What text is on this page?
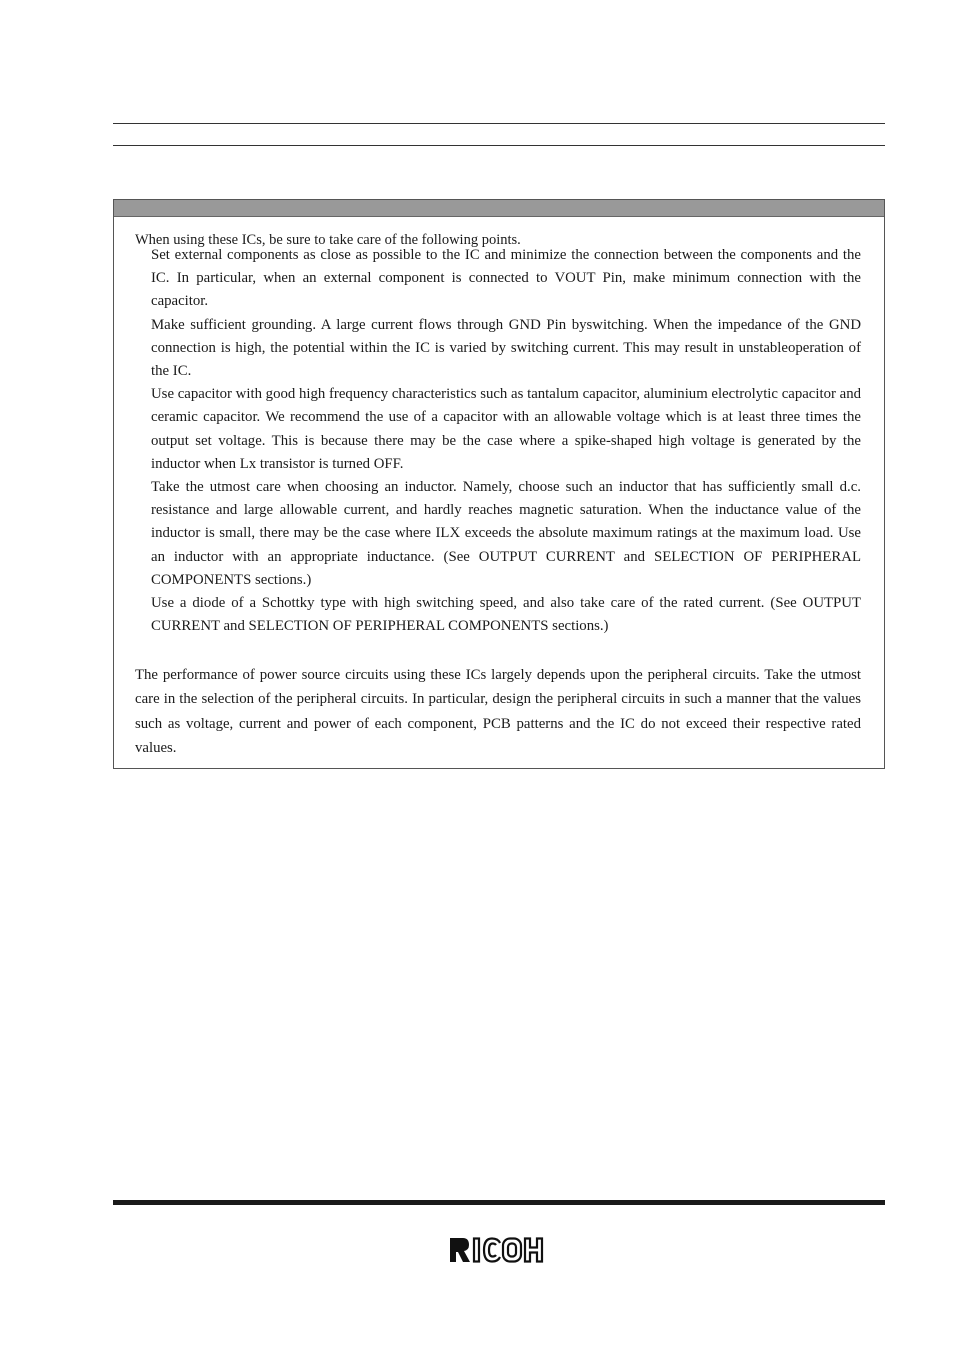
When using these ICs, be sure to take care of the following points.
Set external components as close as possible to the IC and minimize the connection between the components and the IC. In particular, when an external component is connected to VOUT Pin, make minimum connection with the capacitor.
Make sufficient grounding. A large current flows through GND Pin byswitching. When the impedance of the GND connection is high, the potential within the IC is varied by switching current. This may result in unstableoperation of the IC.
Use capacitor with good high frequency characteristics such as tantalum capacitor, aluminium electrolytic capacitor and ceramic capacitor. We recommend the use of a capacitor with an allowable voltage which is at least three times the output set voltage. This is because there may be the case where a spike-shaped high voltage is generated by the inductor when Lx transistor is turned OFF.
Take the utmost care when choosing an inductor. Namely, choose such an inductor that has sufficiently small d.c. resistance and large allowable current, and hardly reaches magnetic saturation. When the inductance value of the inductor is small, there may be the case where ILX exceeds the absolute maximum ratings at the maximum load. Use an inductor with an appropriate inductance. (See OUTPUT CURRENT and SELECTION OF PERIPHERAL COMPONENTS sections.)
Use a diode of a Schottky type with high switching speed, and also take care of the rated current. (See OUTPUT CURRENT and SELECTION OF PERIPHERAL COMPONENTS sections.)

The performance of power source circuits using these ICs largely depends upon the peripheral circuits. Take the utmost care in the selection of the peripheral circuits. In particular, design the peripheral circuits in such a manner that the values such as voltage, current and power of each component, PCB patterns and the IC do not exceed their respective rated values.
